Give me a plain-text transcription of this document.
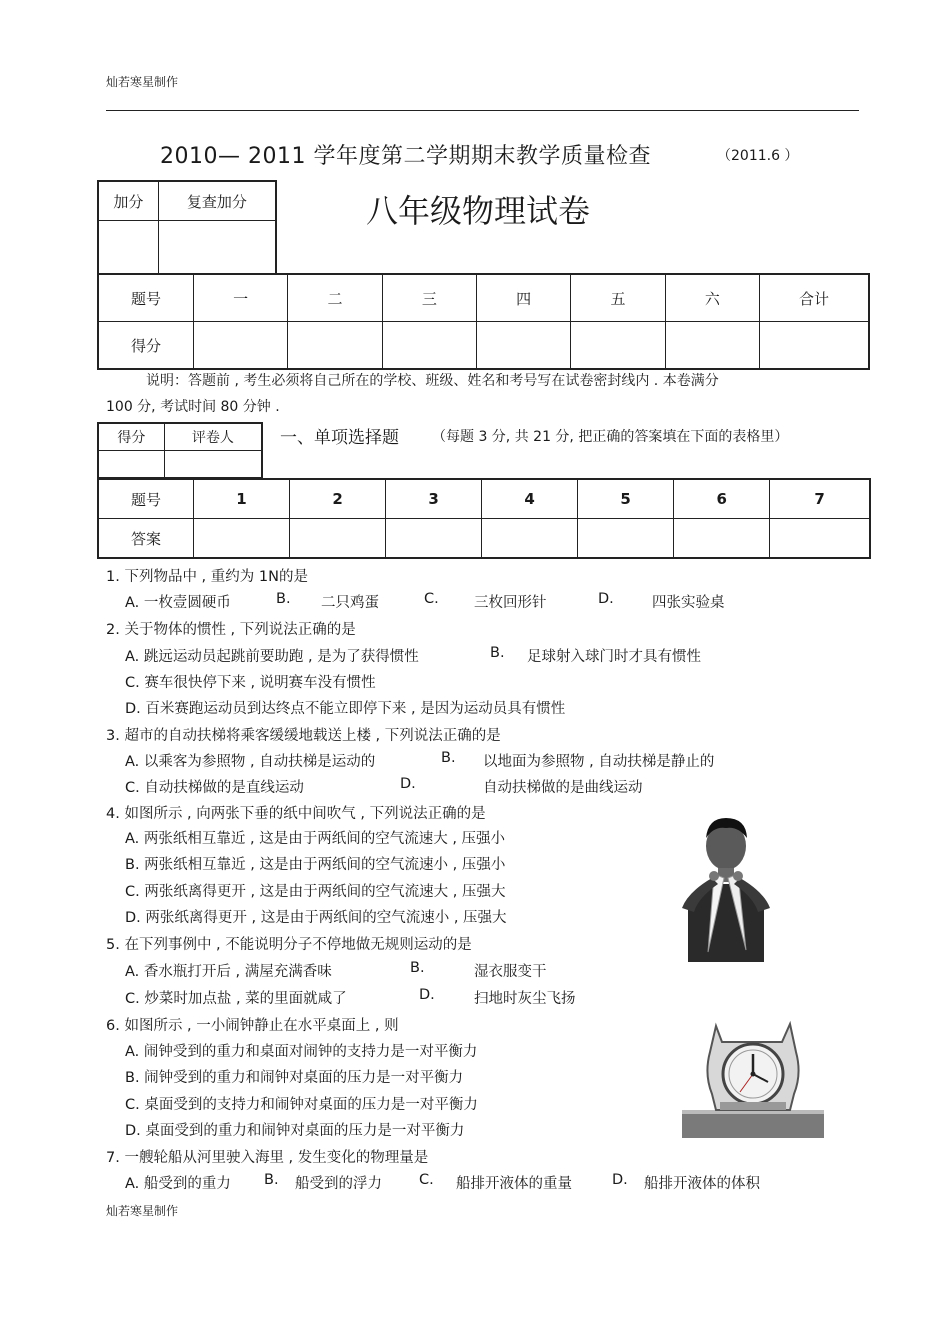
灿若寒星制作
2010— 2011 学年度第二学期期末教学质量检查	（2011.6 ）
八年级物理试卷
加分	复查加分

题号	一	二	三	四	五	六	合计
得分							
说明：答题前 , 考生必须将自己所在的学校、班级、姓名和考号写在试卷密封线内 . 本卷满分
100 分, 考试时间 80 分钟 .
得分	评卷人
		一、单项选择题 （每题 3 分, 共 21 分, 把正确的答案填在下面的表格里）
题号	1	2	3	4	5	6	7
答案							
1. 下列物品中 , 重约为 1N的是
A. 一枚壹圆硬币	B. 二只鸡蛋	C. 三枚回形针	D.	四张实验桌
2. 关于物体的惯性 , 下列说法正确的是
A. 跳远运动员起跳前要助跑 , 是为了获得惯性	B. 足球射入球门时才具有惯性
C. 赛车很快停下来 , 说明赛车没有惯性
D. 百米赛跑运动员到达终点不能立即停下来 , 是因为运动员具有惯性
3. 超市的自动扶梯将乘客缓缓地载送上楼 , 下列说法正确的是
A. 以乘客为参照物 , 自动扶梯是运动的	B. 以地面为参照物 , 自动扶梯是静止的
C. 自动扶梯做的是直线运动	D.	自动扶梯做的是曲线运动
4. 如图所示 , 向两张下垂的纸中间吹气 , 下列说法正确的是
A. 两张纸相互靠近 , 这是由于两纸间的空气流速大 , 压强小
B. 两张纸相互靠近 , 这是由于两纸间的空气流速小 , 压强小
C. 两张纸离得更开 , 这是由于两纸间的空气流速大 , 压强大
D. 两张纸离得更开 , 这是由于两纸间的空气流速小 , 压强大
5. 在下列事例中 , 不能说明分子不停地做无规则运动的是
A. 香水瓶打开后 , 满屋充满香味	B.	湿衣服变干
C. 炒菜时加点盐 , 菜的里面就咸了	D.	扫地时灰尘飞扬
6. 如图所示 , 一小闹钟静止在水平桌面上 , 则
A. 闹钟受到的重力和桌面对闹钟的支持力是一对平衡力
B. 闹钟受到的重力和闹钟对桌面的压力是一对平衡力
C. 桌面受到的支持力和闹钟对桌面的压力是一对平衡力
D. 桌面受到的重力和闹钟对桌面的压力是一对平衡力
7. 一艘轮船从河里驶入海里 , 发生变化的物理量是
A. 船受到的重力 B. 船受到的浮力	C. 船排开液体的重量	D. 船排开液体的体积
灿若寒星制作
